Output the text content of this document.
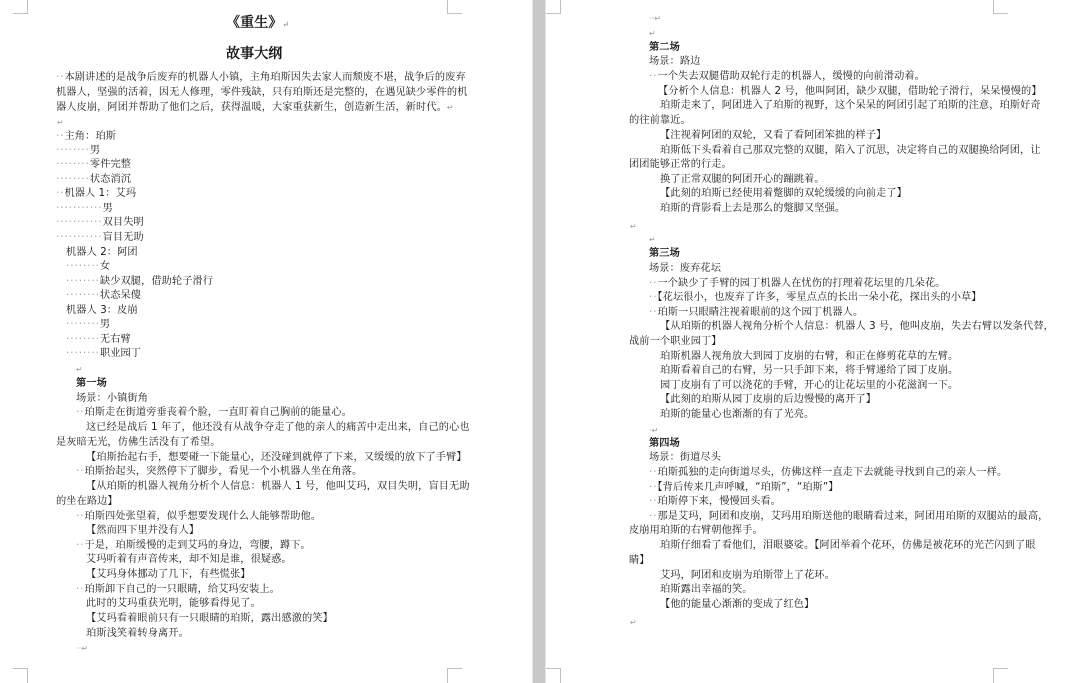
《重生》↵
故事大纲
··本剧讲述的是战争后废弃的机器人小镇，主角珀斯因失去家人而颓废不堪，战争后的废弃
机器人，坚强的活着，因无人修理，零件残缺，只有珀斯还是完整的，在遇见缺少零件的机
器人皮崩，阿团并帮助了他们之后，获得温暖，大家重获新生，创造新生活，新时代。↵
↵
··主角：珀斯
········男
········零件完整
········状态消沉
··机器人 1：艾玛
···········男
···········双目失明
···········盲目无助
机器人 2：阿团
········女
········缺少双腿，借助轮子滑行
········状态呆傻
机器人 3：皮崩
········男
········无右臂
········职业园丁
↵
第一场
场景：小镇街角
··珀斯走在街道旁垂丧着个脸，一直盯着自己胸前的能量心。
这已经是战后 1 年了，他还没有从战争夺走了他的亲人的痛苦中走出来，自己的心也
是灰暗无光，仿佛生活没有了希望。
【珀斯抬起右手，想要碰一下能量心，还没碰到就停了下来，又缓缓的放下了手臂】
··珀斯抬起头，突然停下了脚步，看见一个小机器人坐在角落。
【从珀斯的机器人视角分析个人信息：机器人 1 号，他叫艾玛，双目失明，盲目无助
的坐在路边】
··珀斯四处张望着，似乎想要发现什么人能够帮助他。
【然而四下里并没有人】
··于是，珀斯缓慢的走到艾玛的身边，弯腰，蹲下。
艾玛听着有声音传来，却不知是谁，很疑惑。
【艾玛身体挪动了几下，有些慌张】
··珀斯卸下自己的一只眼睛，给艾玛安装上。
此时的艾玛重获光明，能够看得见了。
【艾玛看着眼前只有一只眼睛的珀斯，露出感激的笑】
珀斯浅笑着转身离开。
··↵
··↵
↵
第二场
场景：路边
··一个失去双腿借助双轮行走的机器人，缓慢的向前滑动着。
【分析个人信息：机器人 2 号，他叫阿团，缺少双腿，借助轮子滑行，呆呆慢慢的】
珀斯走来了，阿团进入了珀斯的视野，这个呆呆的阿团引起了珀斯的注意，珀斯好奇
的往前靠近。
【注视着阿团的双轮，又看了看阿团笨拙的样子】
珀斯低下头看着自己那双完整的双腿，陷入了沉思，决定将自己的双腿换给阿团，让
团团能够正常的行走。
换了正常双腿的阿团开心的蹦跳着。
【此刻的珀斯已经使用着蹩脚的双轮缓缓的向前走了】
珀斯的背影看上去是那么的蹩脚又坚强。
↵
↵
第三场
场景：废弃花坛
··一个缺少了手臂的园丁机器人在忧伤的打理着花坛里的几朵花。
··【花坛很小，也废弃了许多，零星点点的长出一朵小花，探出头的小草】
··珀斯一只眼睛注视着眼前的这个园丁机器人。
【从珀斯的机器人视角分析个人信息：机器人 3 号，他叫皮崩，失去右臂以发条代替，
战前一个职业园丁】
珀斯机器人视角放大到园丁皮崩的右臂，和正在修剪花草的左臂。
珀斯看着自己的右臂，另一只手卸下来，将手臂递给了园丁皮崩。
园丁皮崩有了可以浇花的手臂，开心的让花坛里的小花滋润一下。
【此刻的珀斯从园丁皮崩的后边慢慢的离开了】
珀斯的能量心也渐渐的有了光亮。
·↵
第四场
场景：街道尽头
··珀斯孤独的走向街道尽头，仿佛这样一直走下去就能寻找到自己的亲人一样。
··【背后传来几声呼喊，“珀斯”，“珀斯”】
··珀斯停下来，慢慢回头看。
··那是艾玛，阿团和皮崩，艾玛用珀斯送他的眼睛看过来，阿团用珀斯的双腿站的最高，
皮崩用珀斯的右臂朝他挥手。
珀斯仔细看了看他们，泪眼婆娑。【阿团举着个花环，仿佛是被花环的光芒闪到了眼
睛】
艾玛，阿团和皮崩为珀斯带上了花环。
珀斯露出幸福的笑。
【他的能量心渐渐的变成了红色】
↵
